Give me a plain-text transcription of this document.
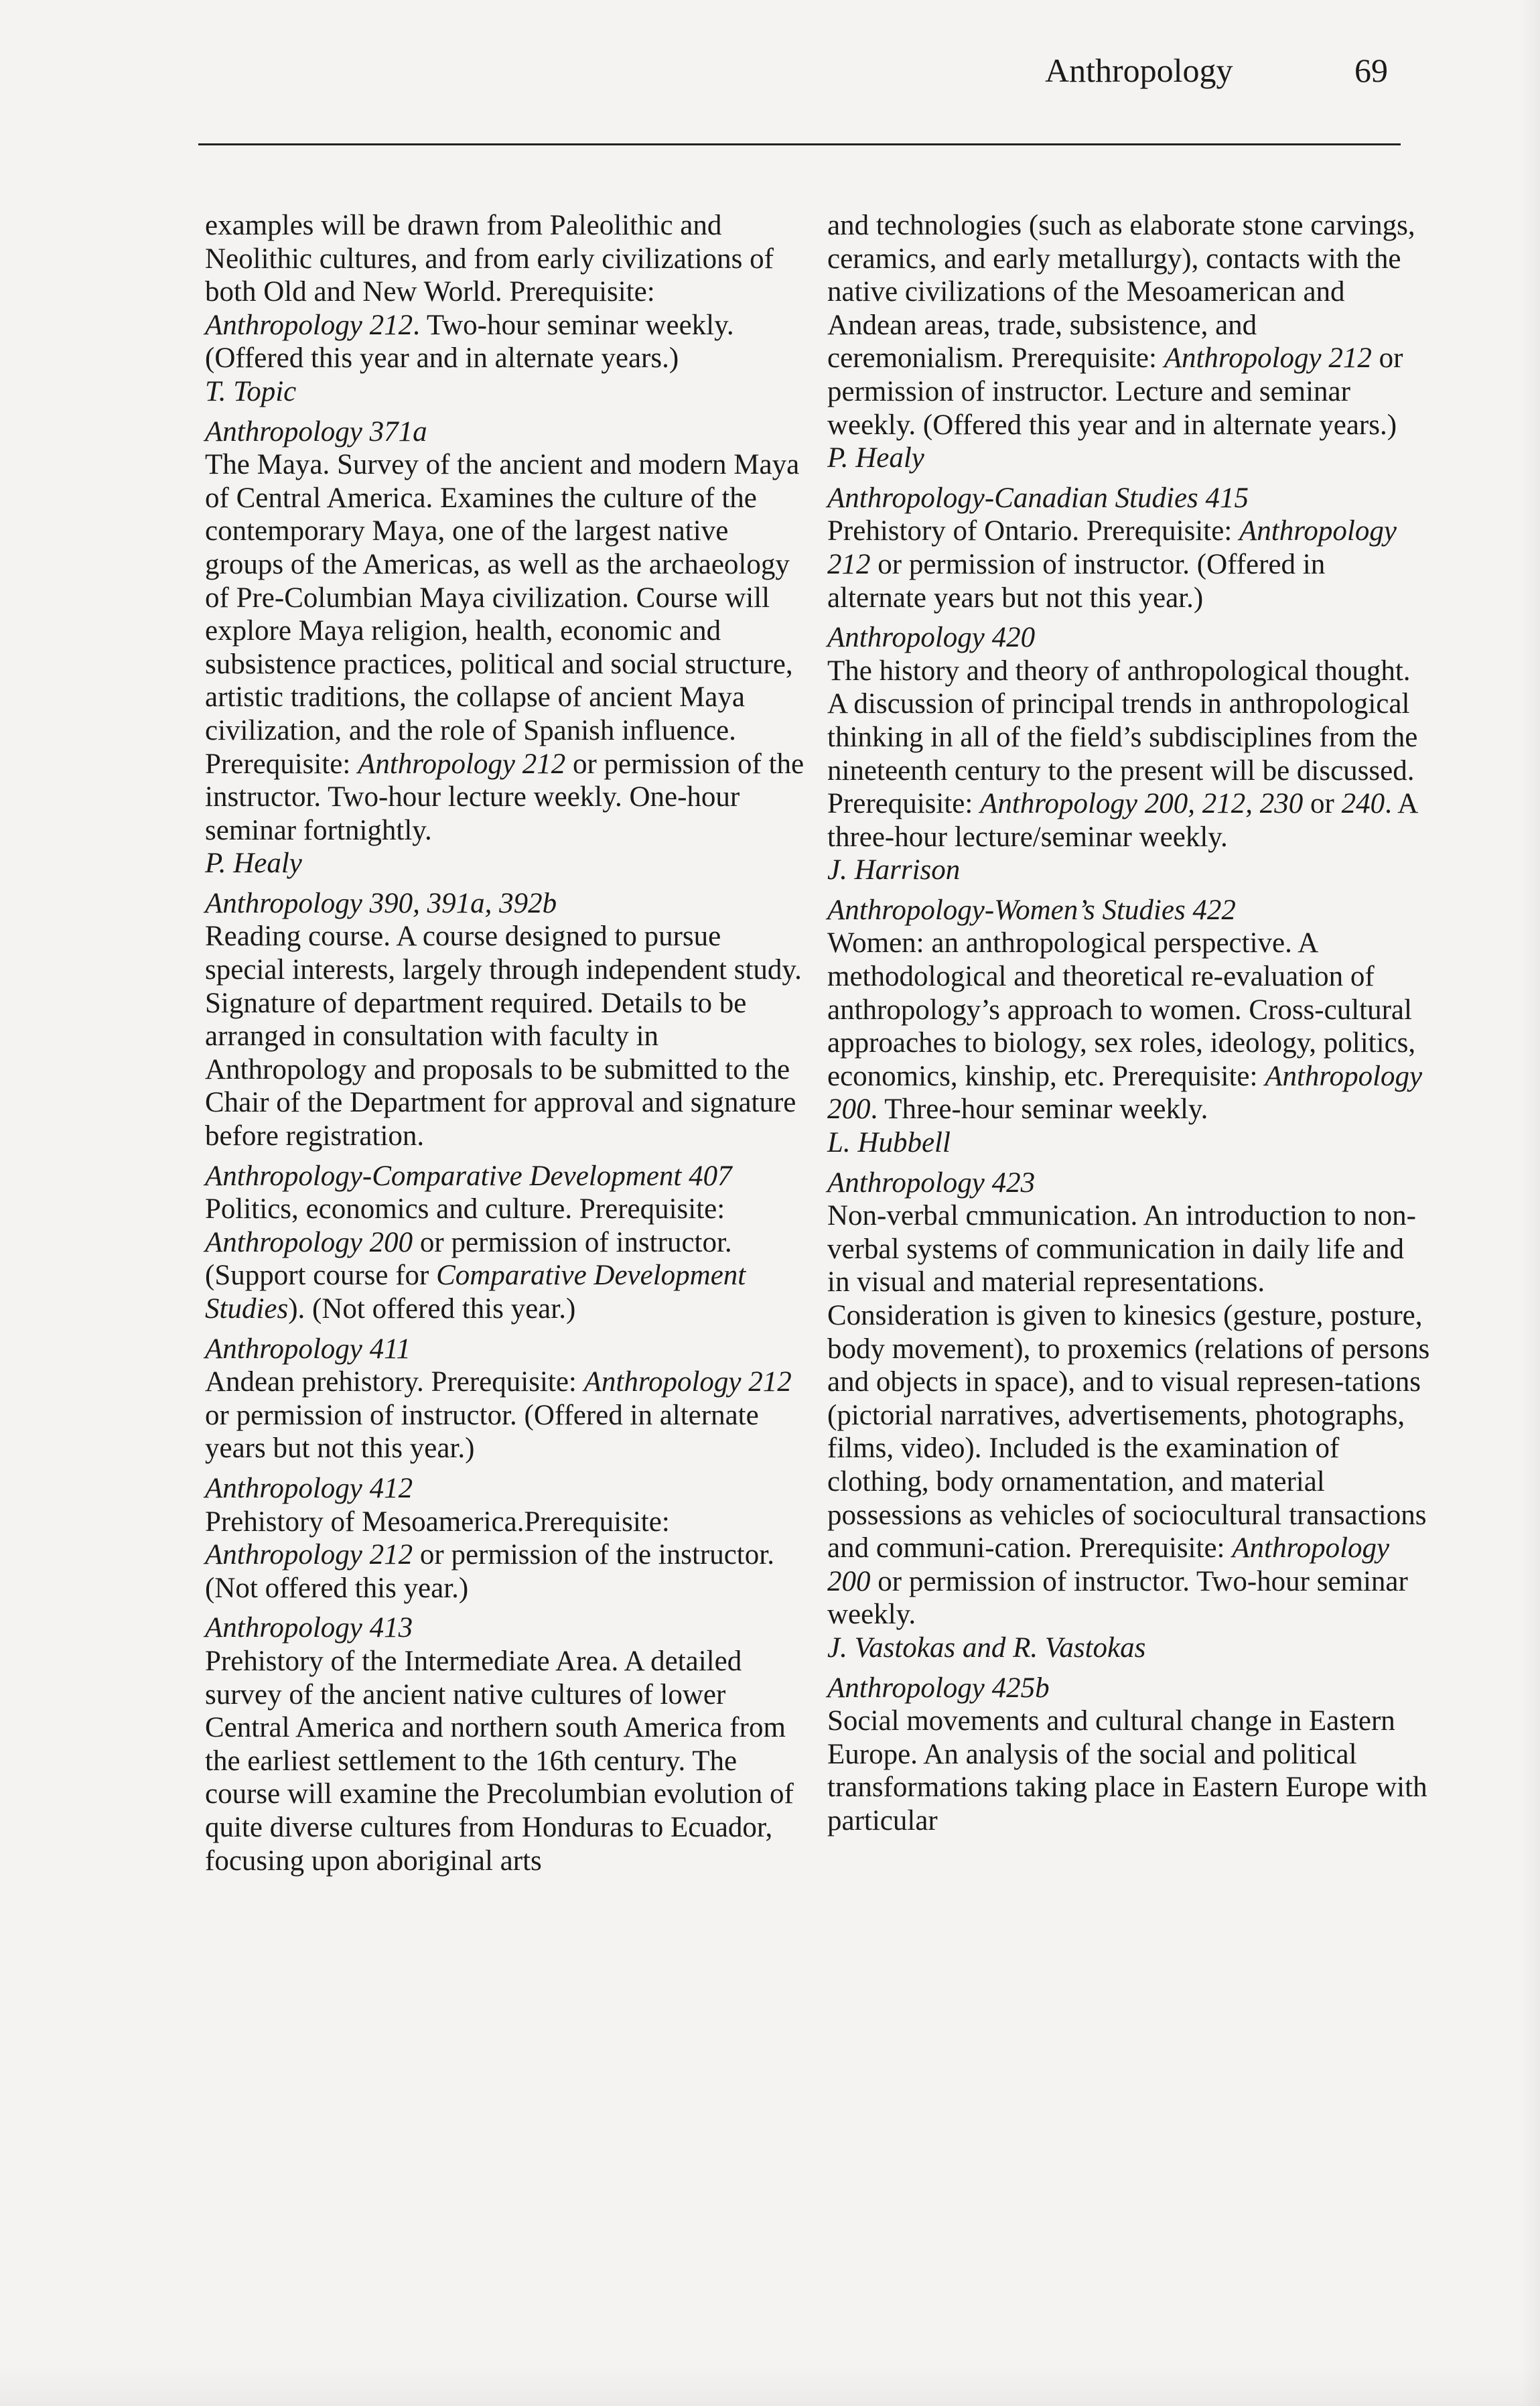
Anthropology	69

examples will be drawn from Paleolithic and Neolithic cultures, and from early civilizations of both Old and New World. Prerequisite: Anthropology 212. Two-hour seminar weekly. (Offered this year and in alternate years.)

T. Topic

Anthropology 371a

The Maya. Survey of the ancient and modern Maya of Central America. Examines the culture of the contemporary Maya, one of the largest native groups of the Americas, as well as the archaeology of Pre-Columbian Maya civilization. Course will explore Maya religion, health, economic and subsistence practices, political and social structure, artistic traditions, the collapse of ancient Maya civilization, and the role of Spanish influence. Prerequisite: Anthropology 212 or permission of the instructor. Two-hour lecture weekly. One-hour seminar fortnightly.

P. Healy

Anthropology 390, 391a, 392b

Reading course. A course designed to pursue special interests, largely through independent study. Signature of department required. Details to be arranged in consultation with faculty in Anthropology and proposals to be submitted to the Chair of the Department for approval and signature before registration.

Anthropology-Comparative Development 407

Politics, economics and culture. Prerequisite: Anthropology 200 or permission of instructor. (Support course for Comparative Development Studies). (Not offered this year.)

Anthropology 411

Andean prehistory. Prerequisite: Anthropology 212 or permission of instructor. (Offered in alternate years but not this year.)

Anthropology 412

Prehistory of Mesoamerica.Prerequisite: Anthropology 212 or permission of the instructor. (Not offered this year.)

Anthropology 413

Prehistory of the Intermediate Area. A detailed survey of the ancient native cultures of lower Central America and northern south America from the earliest settlement to the 16th century. The course will examine the Precolumbian evolution of quite diverse cultures from Honduras to Ecuador, focusing upon aboriginal arts

and technologies (such as elaborate stone carvings, ceramics, and early metallurgy), contacts with the native civilizations of the Mesoamerican and Andean areas, trade, subsistence, and ceremonialism. Prerequisite: Anthropology 212 or permission of instructor. Lecture and seminar weekly. (Offered this year and in alternate years.)

P. Healy

Anthropology-Canadian Studies 415

Prehistory of Ontario. Prerequisite: Anthropology 212 or permission of instructor. (Offered in alternate years but not this year.)

Anthropology 420

The history and theory of anthropological thought. A discussion of principal trends in anthropological thinking in all of the field’s subdisciplines from the nineteenth century to the present will be discussed. Prerequisite: Anthropology 200, 212, 230 or 240. A three-hour lecture/seminar weekly.

J. Harrison

Anthropology-Women’s Studies 422

Women: an anthropological perspective. A methodological and theoretical re-evaluation of anthropology’s approach to women. Cross-cultural approaches to biology, sex roles, ideology, politics, economics, kinship, etc. Prerequisite: Anthropology 200. Three-hour seminar weekly.

L. Hubbell

Anthropology 423

Non-verbal cmmunication. An introduction to non-verbal systems of communication in daily life and in visual and material representations. Consideration is given to kinesics (gesture, posture, body movement), to proxemics (relations of persons and objects in space), and to visual represen-tations (pictorial narratives, advertisements, photographs, films, video). Included is the examination of clothing, body ornamentation, and material possessions as vehicles of sociocultural transactions and communi-cation. Prerequisite: Anthropology 200 or permission of instructor. Two-hour seminar weekly.

J. Vastokas and R. Vastokas

Anthropology 425b

Social movements and cultural change in Eastern Europe. An analysis of the social and political transformations taking place in Eastern Europe with particular
